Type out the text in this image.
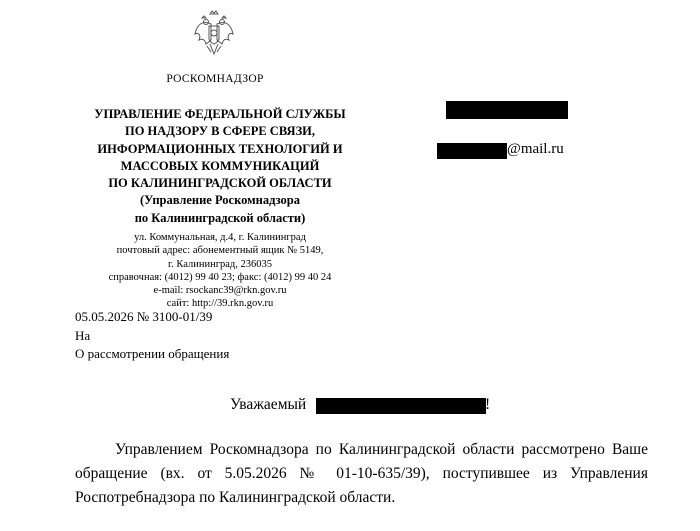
РОСКОМНАДЗОР
УПРАВЛЕНИЕ ФЕДЕРАЛЬНОЙ СЛУЖБЫ
ПО НАДЗОРУ В СФЕРЕ СВЯЗИ,
ИНФОРМАЦИОННЫХ ТЕХНОЛОГИЙ И
МАССОВЫХ КОММУНИКАЦИЙ
ПО КАЛИНИНГРАДСКОЙ ОБЛАСТИ
(Управление Роскомнадзора
по Калининградской области)
ул. Коммунальная, д.4, г. Калининград
почтовый адрес: абонементный ящик № 5149,
г. Калининград, 236035
справочная: (4012) 99 40 23; факс: (4012) 99 40 24
e-mail: rsockanc39@rkn.gov.ru
сайт: http://39.rkn.gov.ru
@mail.ru
05.05.2026 № 3100-01/39
На
О рассмотрении обращения
Уважаемый	!
Управлением Роскомнадзора по Калининградской области рассмотрено Ваше обращение (вх. от 5.05.2026 № 01-10-635/39), поступившее из Управления Роспотребнадзора по Калининградской области.
